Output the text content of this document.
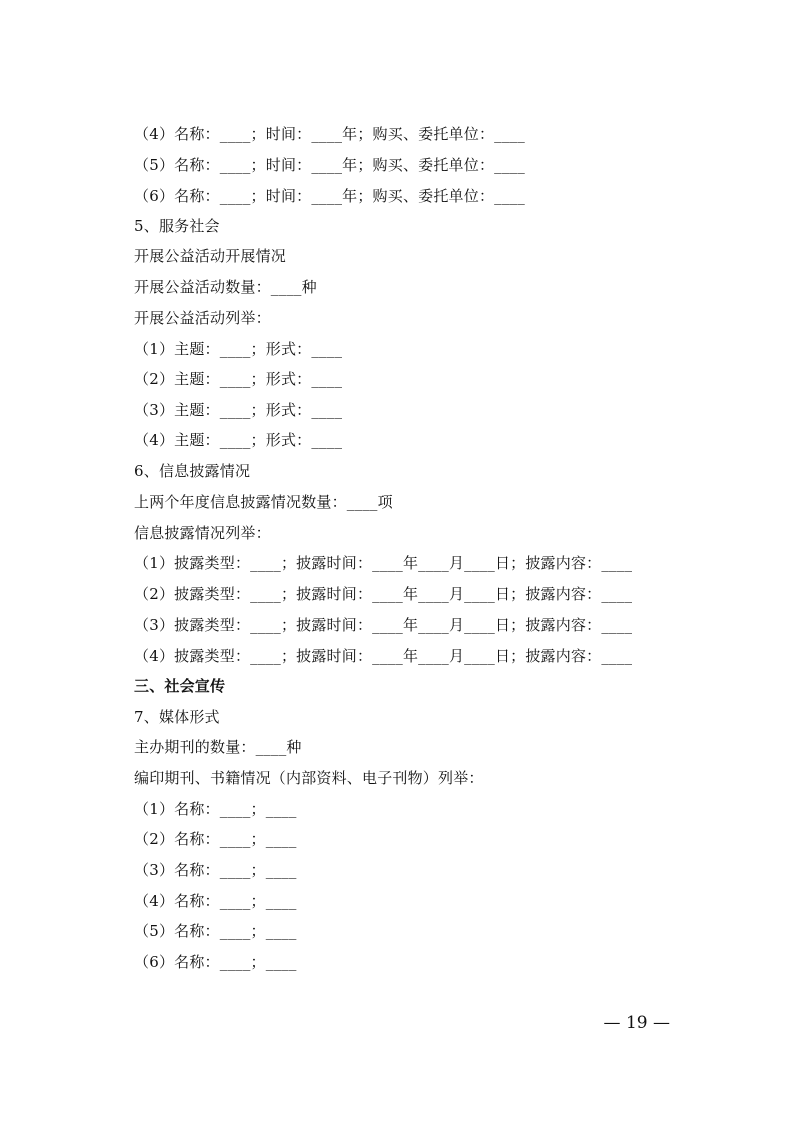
（4）名称：____；时间：____年；购买、委托单位：____
（5）名称：____；时间：____年；购买、委托单位：____
（6）名称：____；时间：____年；购买、委托单位：____
5、服务社会
开展公益活动开展情况
开展公益活动数量：____种
开展公益活动列举：
（1）主题：____；形式：____
（2）主题：____；形式：____
（3）主题：____；形式：____
（4）主题：____；形式：____
6、信息披露情况
上两个年度信息披露情况数量：____项
信息披露情况列举：
（1）披露类型：____；披露时间：____年____月____日；披露内容：____
（2）披露类型：____；披露时间：____年____月____日；披露内容：____
（3）披露类型：____；披露时间：____年____月____日；披露内容：____
（4）披露类型：____；披露时间：____年____月____日；披露内容：____
三、社会宣传
7、媒体形式
主办期刊的数量：____种
编印期刊、书籍情况（内部资料、电子刊物）列举：
（1）名称：____；____
（2）名称：____；____
（3）名称：____；____
（4）名称：____；____
（5）名称：____；____
（6）名称：____；____
— 19 —
